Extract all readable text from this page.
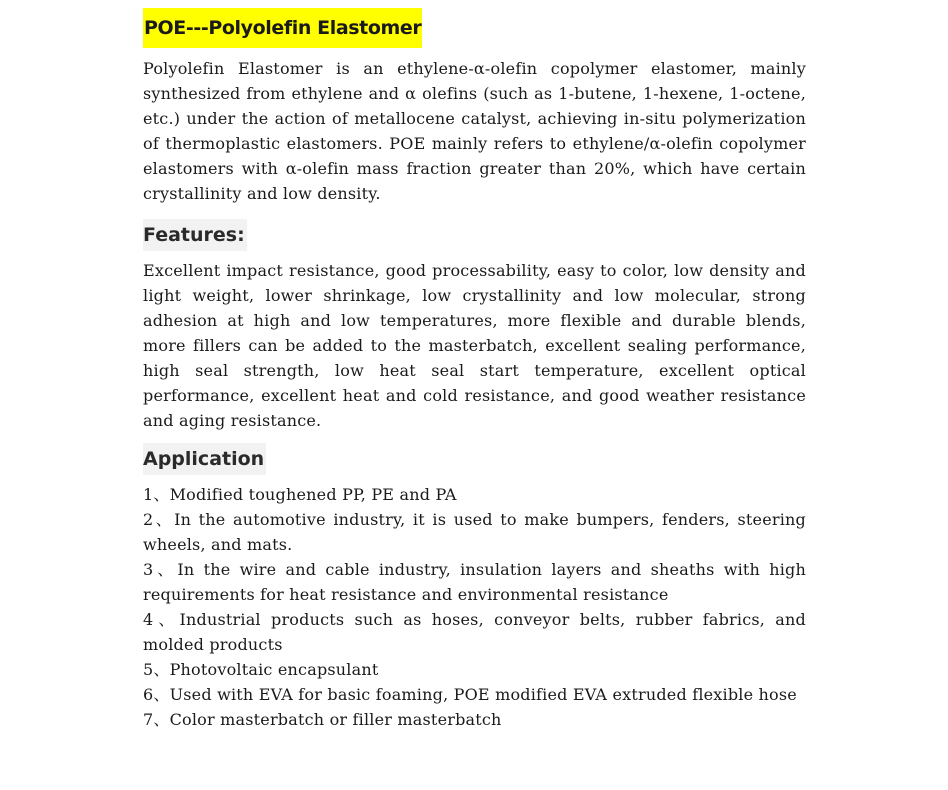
POE---Polyolefin Elastomer

Polyolefin Elastomer is an ethylene-α-olefin copolymer elastomer, mainly synthesized from ethylene and α olefins (such as 1-butene, 1-hexene, 1-octene, etc.) under the action of metallocene catalyst, achieving in-situ polymerization of thermoplastic elastomers. POE mainly refers to ethylene/α-olefin copolymer elastomers with α-olefin mass fraction greater than 20%, which have certain crystallinity and low density.

Features:

Excellent impact resistance, good processability, easy to color, low density and light weight, lower shrinkage, low crystallinity and low molecular, strong adhesion at high and low temperatures, more flexible and durable blends, more fillers can be added to the masterbatch, excellent sealing performance, high seal strength, low heat seal start temperature, excellent optical performance, excellent heat and cold resistance, and good weather resistance and aging resistance.

Application
1、Modified toughened PP, PE and PA
2、In the automotive industry, it is used to make bumpers, fenders, steering wheels, and mats.
3、In the wire and cable industry, insulation layers and sheaths with high requirements for heat resistance and environmental resistance
4、Industrial products such as hoses, conveyor belts, rubber fabrics, and molded products
5、Photovoltaic encapsulant
6、Used with EVA for basic foaming, POE modified EVA extruded flexible hose
7、Color masterbatch or filler masterbatch
